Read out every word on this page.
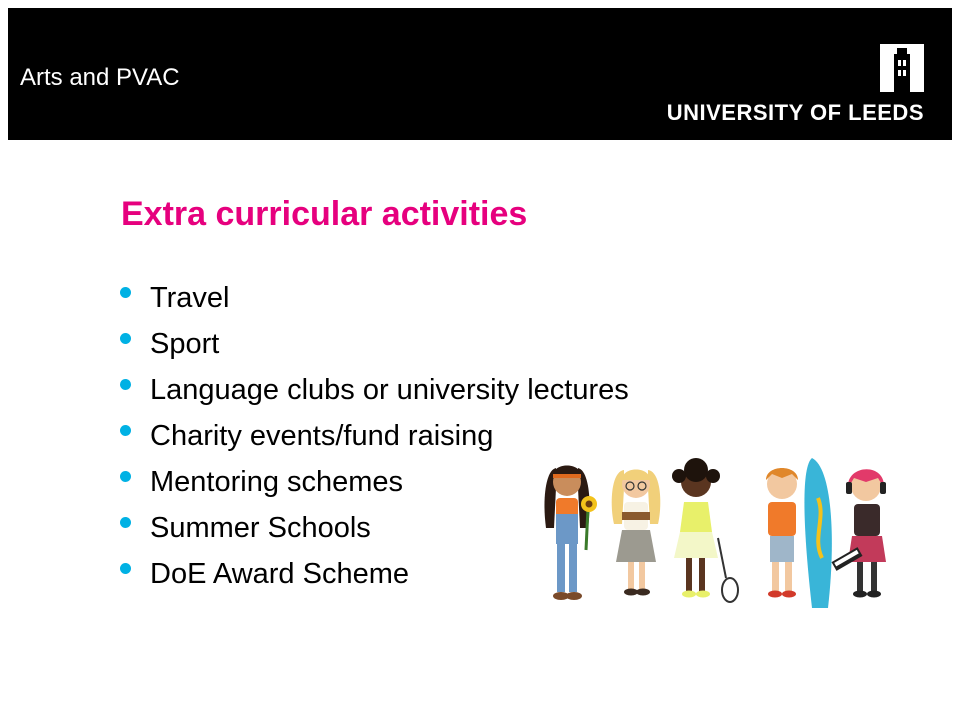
Arts and PVAC
UNIVERSITY OF LEEDS
Extra curricular activities
Travel
Sport
Language clubs or university lectures
Charity events/fund raising
Mentoring schemes
Summer Schools
DoE Award Scheme
